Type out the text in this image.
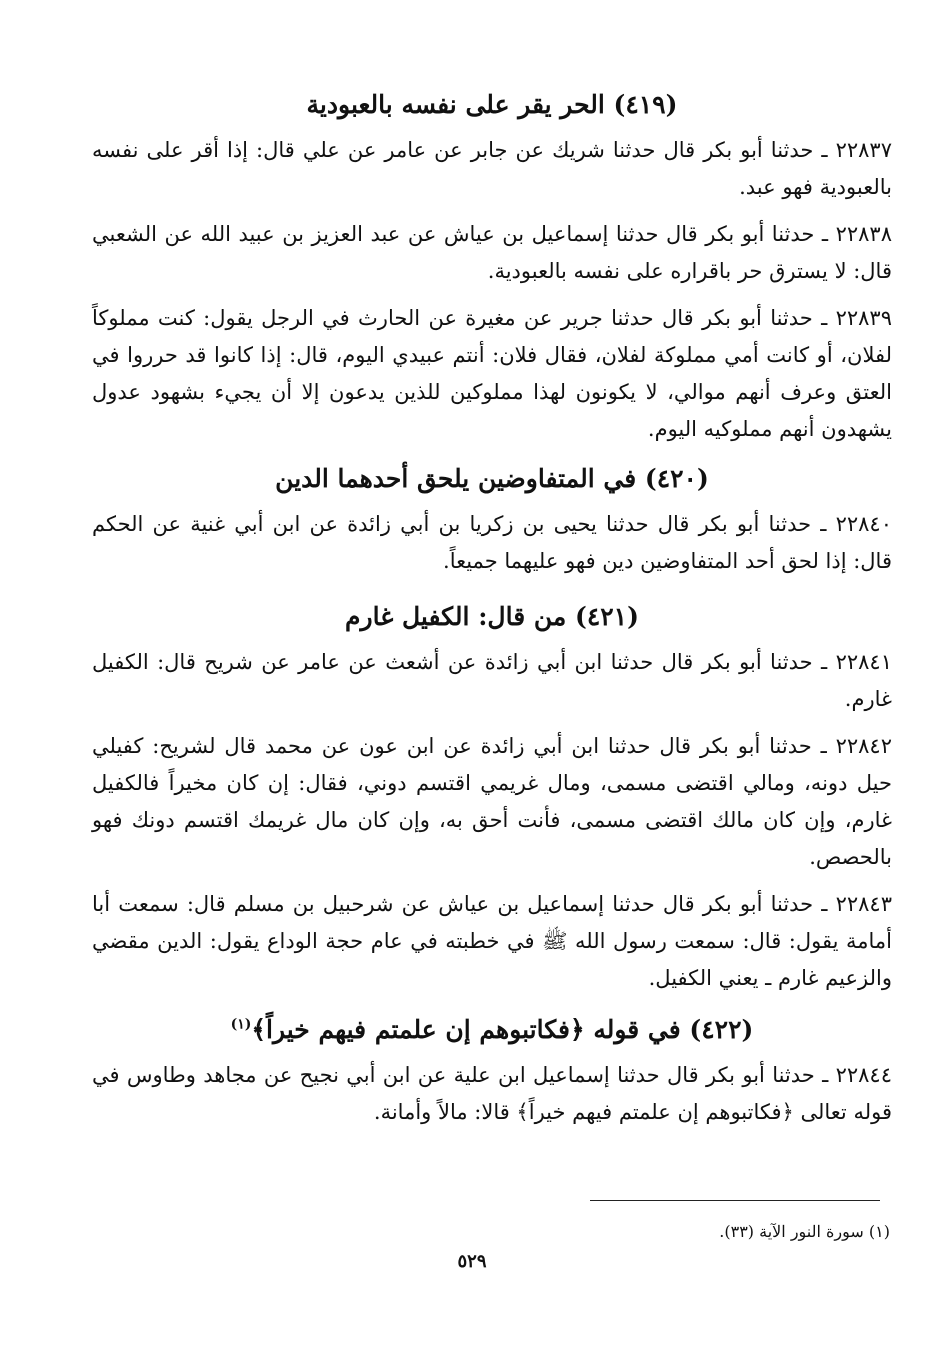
(٤١٩) الحر يقر على نفسه بالعبودية

٢٢٨٣٧ ـ حدثنا أبو بكر قال حدثنا شريك عن جابر عن عامر عن علي قال: إذا أقر على نفسه بالعبودية فهو عبد.

٢٢٨٣٨ ـ حدثنا أبو بكر قال حدثنا إسماعيل بن عياش عن عبد العزيز بن عبيد الله عن الشعبي قال: لا يسترق حر باقراره على نفسه بالعبودية.

٢٢٨٣٩ ـ حدثنا أبو بكر قال حدثنا جرير عن مغيرة عن الحارث في الرجل يقول: كنت مملوكاً لفلان، أو كانت أمي مملوكة لفلان، فقال فلان: أنتم عبيدي اليوم، قال: إذا كانوا قد حرروا في العتق وعرف أنهم موالي، لا يكونون لهذا مملوكين للذين يدعون إلا أن يجيء بشهود عدول يشهدون أنهم مملوكيه اليوم.

(٤٢٠) في المتفاوضين يلحق أحدهما الدين

٢٢٨٤٠ ـ حدثنا أبو بكر قال حدثنا يحيى بن زكريا بن أبي زائدة عن ابن أبي غنية عن الحكم قال: إذا لحق أحد المتفاوضين دين فهو عليهما جميعاً.

(٤٢١) من قال: الكفيل غارم

٢٢٨٤١ ـ حدثنا أبو بكر قال حدثنا ابن أبي زائدة عن أشعث عن عامر عن شريح قال: الكفيل غارم.

٢٢٨٤٢ ـ حدثنا أبو بكر قال حدثنا ابن أبي زائدة عن ابن عون عن محمد قال لشريح: كفيلي حيل دونه، ومالي اقتضى مسمى، ومال غريمي اقتسم دوني، فقال: إن كان مخيراً فالكفيل غارم، وإن كان مالك اقتضى مسمى، فأنت أحق به، وإن كان مال غريمك اقتسم دونك فهو بالحصص.

٢٢٨٤٣ ـ حدثنا أبو بكر قال حدثنا إسماعيل بن عياش عن شرحبيل بن مسلم قال: سمعت أبا أمامة يقول: قال: سمعت رسول الله ﷺ في خطبته في عام حجة الوداع يقول: الدين مقضي والزعيم غارم ـ يعني الكفيل.

(٤٢٢) في قوله ﴿فكاتبوهم إن علمتم فيهم خيراً﴾$^{(١)}$

٢٢٨٤٤ ـ حدثنا أبو بكر قال حدثنا إسماعيل ابن علية عن ابن أبي نجيح عن مجاهد وطاوس في قوله تعالى ﴿فكاتبوهم إن علمتم فيهم خيراً﴾ قالا: مالاً وأمانة.

(١) سورة النور الآية (٣٣).
٥٢٩
